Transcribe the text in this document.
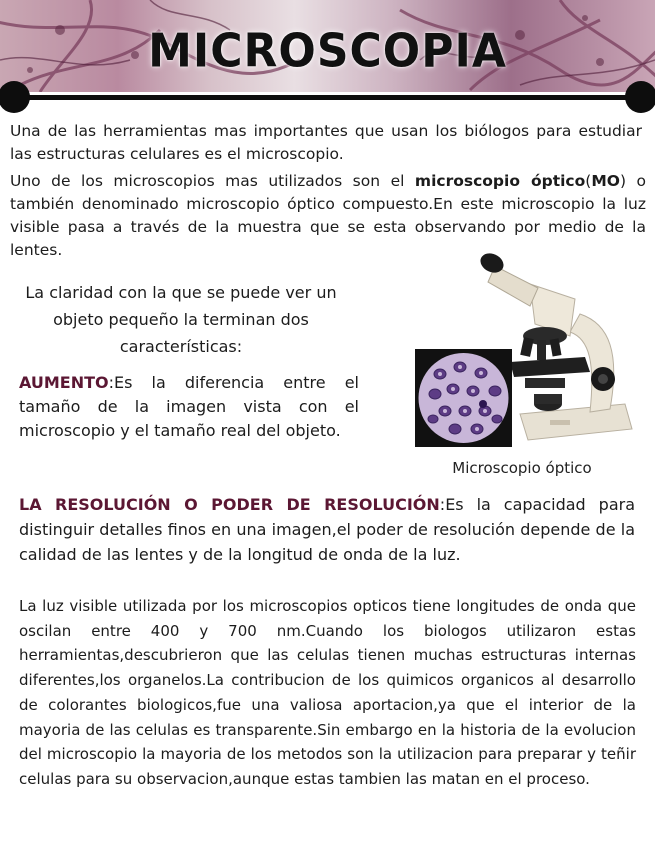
MICROSCOPIA
Una de las herramientas mas importantes que usan los biólogos para estudiar las estructuras celulares es el microscopio.
Uno de los microscopios mas utilizados son el microscopio óptico(MO) o también denominado microscopio óptico compuesto.En este microscopio la luz visible pasa a través de la muestra que se esta observando por medio de la lentes.
La claridad con la que se puede ver un objeto pequeño la terminan dos características:
AUMENTO:Es la diferencia entre el tamaño de la imagen vista con el microscopio y el tamaño real del objeto.
Microscopio óptico
LA RESOLUCIÓN O PODER DE RESOLUCIÓN:Es la capacidad para distinguir detalles finos en una imagen,el poder de resolución depende de la calidad de las lentes y de la longitud de onda de la luz.
La luz visible utilizada por los microscopios opticos tiene longitudes de onda que oscilan entre 400 y 700 nm.Cuando los biologos utilizaron estas herramientas,descubrieron que las celulas tienen muchas estructuras internas diferentes,los organelos.La contribucion de los quimicos organicos al desarrollo de colorantes biologicos,fue una valiosa aportacion,ya que el interior de la mayoria de las celulas es transparente.Sin embargo en la historia de la evolucion del microscopio la mayoria de los metodos son la utilizacion para preparar y teñir celulas para su observacion,aunque estas tambien las matan en el proceso.
